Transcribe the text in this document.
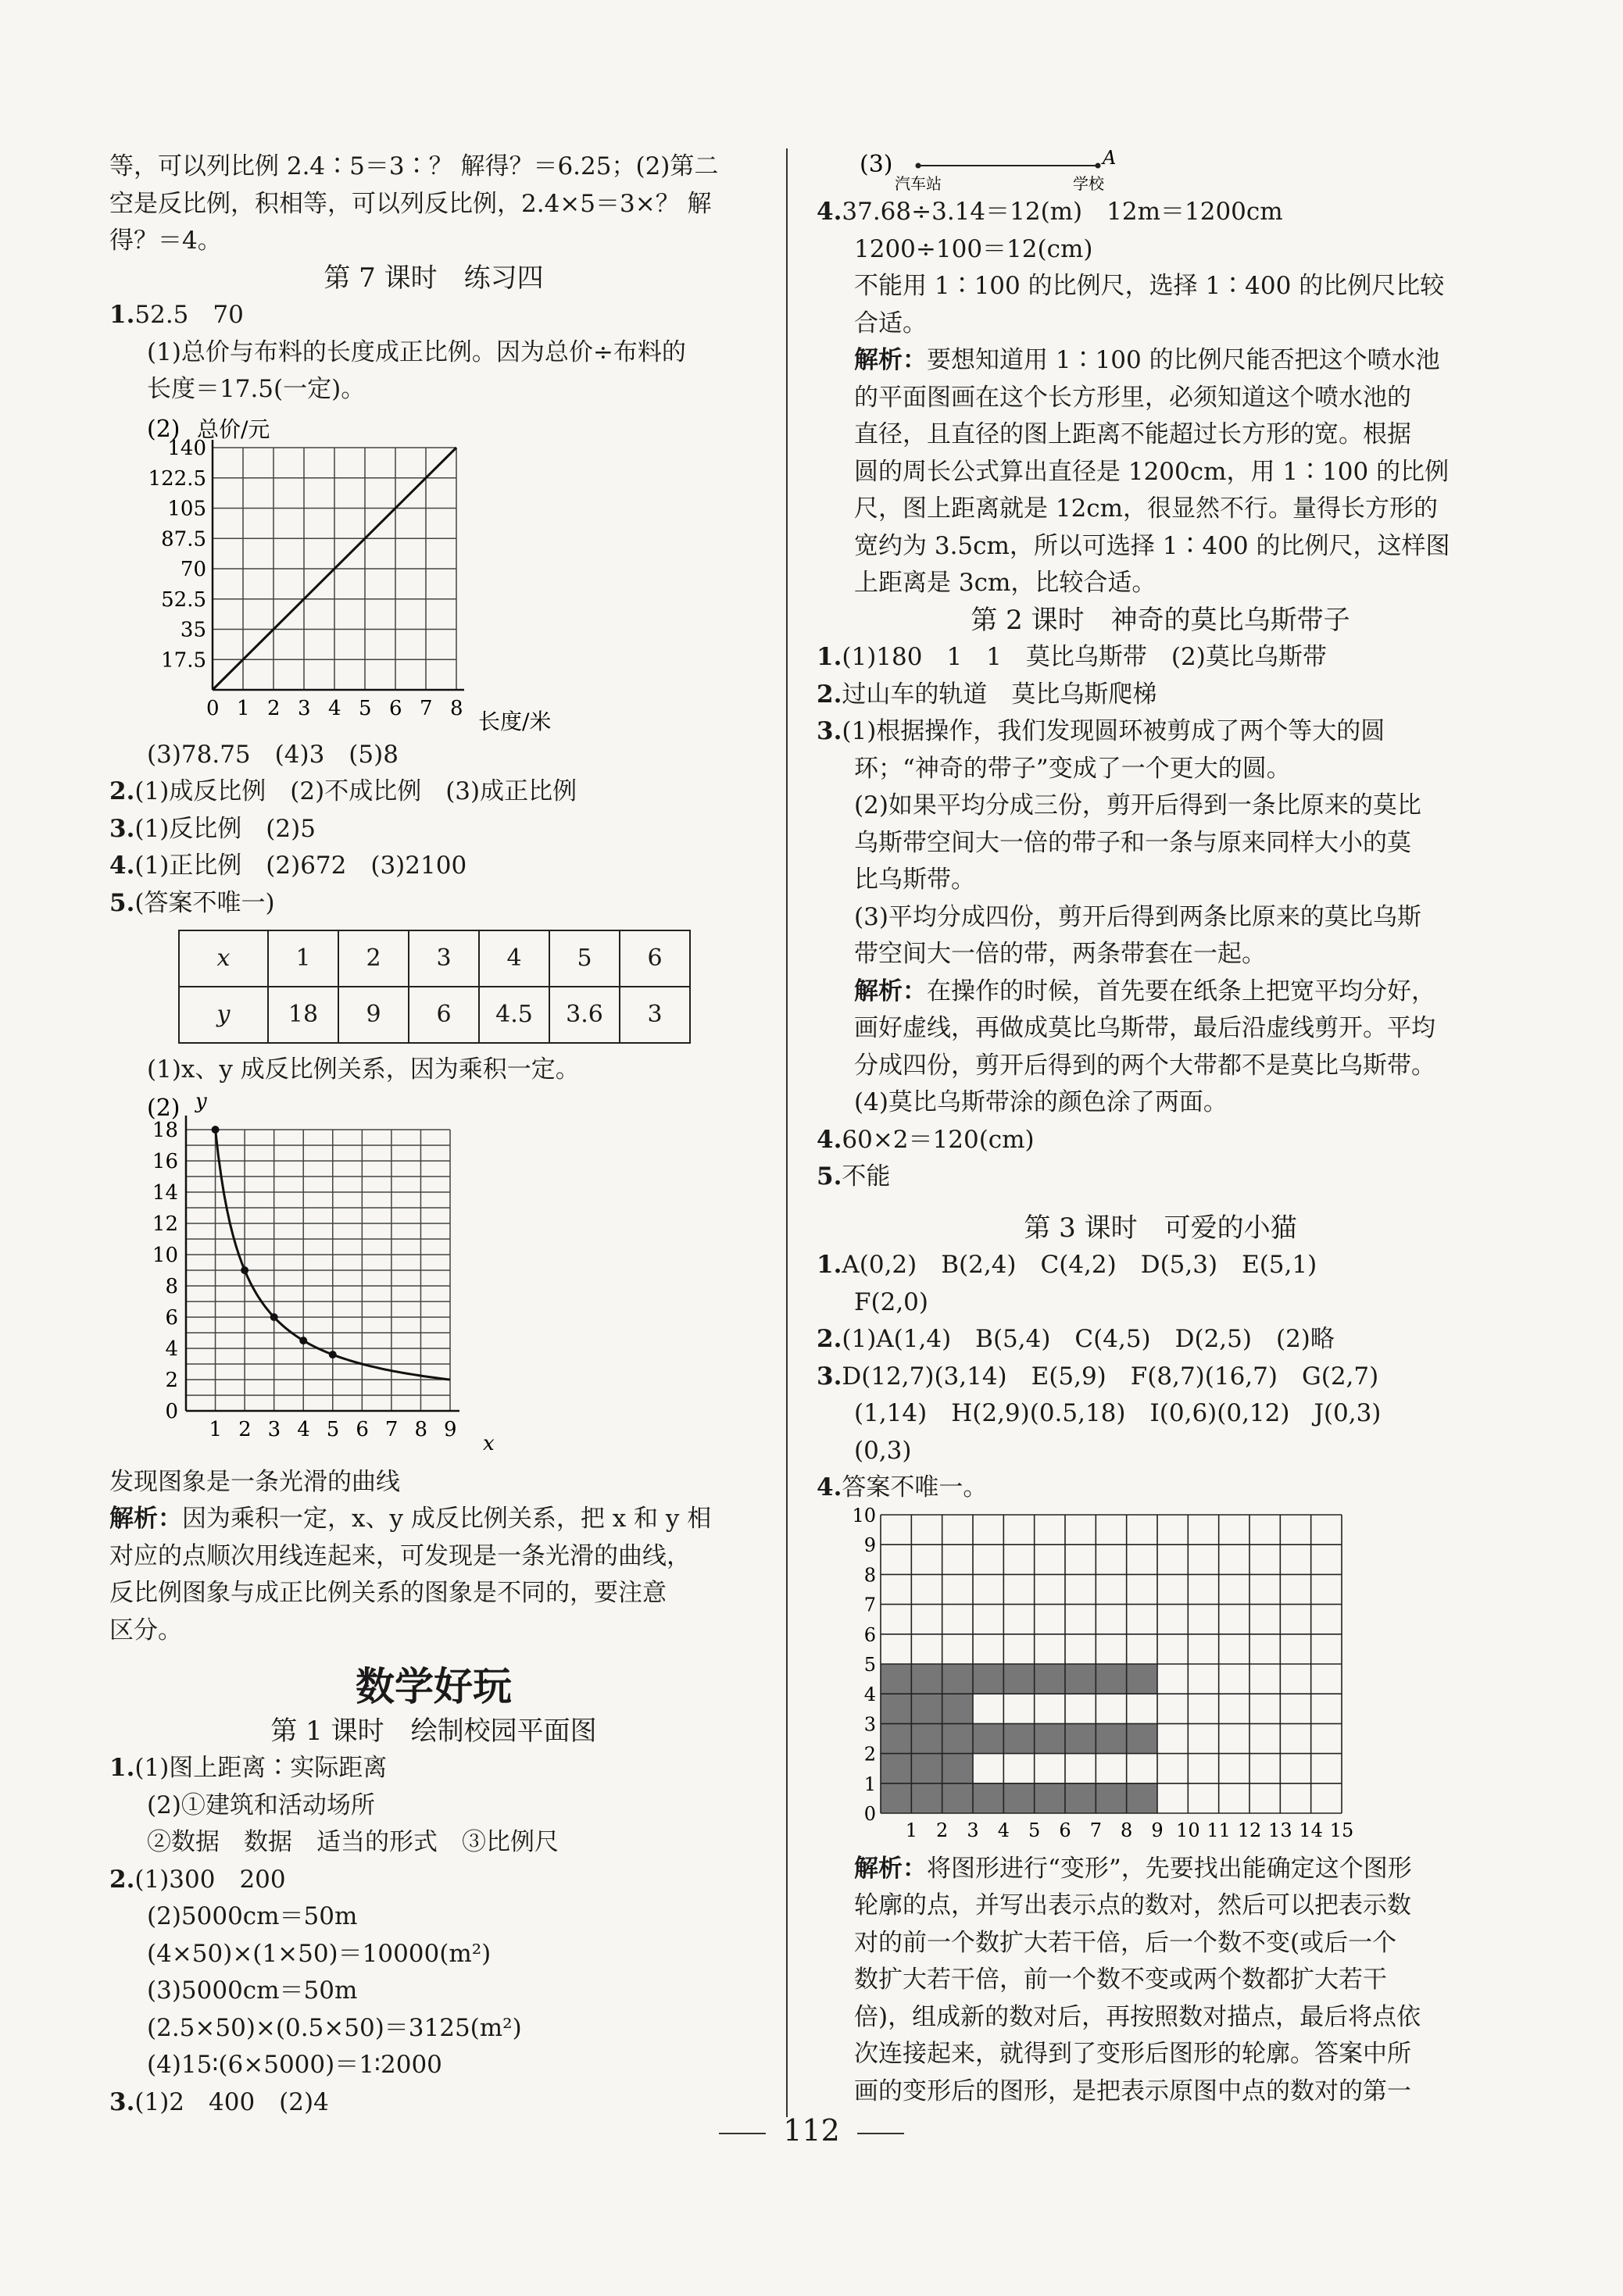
等，可以列比例 2.4∶5＝3∶？ 解得？＝6.25；(2)第二

空是反比例，积相等，可以列反比例，2.4×5＝3×？ 解

得？＝4。

第 7 课时　练习四

1.52.5　70

(1)总价与布料的长度成正比例。因为总价÷布料的

长度＝17.5(一定)。

(2) 总价/元
长度/米
0 1 2 3 4 5 6 7 8
17.5
35
52.5
70
87.5
105
122.5
140

(3)78.75　(4)3　(5)8

2.(1)成反比例　(2)不成比例　(3)成正比例

3.(1)反比例　(2)5

4.(1)正比例　(2)672　(3)2100

5.(答案不唯一)

x	1	2	3	4	5	6
y	18	9	6	4.5	3.6	3

(1)x、y 成反比例关系，因为乘积一定。

(2) y
x
1 2 3 4 5 6 7 8 9
0
2
4
6
8
10
12
14
16
18

发现图象是一条光滑的曲线

解析：因为乘积一定，x、y 成反比例关系，把 x 和 y 相

对应的点顺次用线连起来，可发现是一条光滑的曲线，

反比例图象与成正比例关系的图象是不同的，要注意

区分。

数学好玩

第 1 课时　绘制校园平面图

1.(1)图上距离∶实际距离

(2)①建筑和活动场所

②数据　数据　适当的形式　③比例尺

2.(1)300　200

(2)5000cm＝50m

(4×50)×(1×50)＝10000(m²)

(3)5000cm＝50m

(2.5×50)×(0.5×50)＝3125(m²)

(4)15∶(6×5000)＝1∶2000

3.(1)2　400　(2)4

(3)	A
汽车站	学校

4.37.68÷3.14＝12(m)　12m＝1200cm

1200÷100＝12(cm)

不能用 1∶100 的比例尺，选择 1∶400 的比例尺比较

合适。

解析：要想知道用 1∶100 的比例尺能否把这个喷水池

的平面图画在这个长方形里，必须知道这个喷水池的

直径，且直径的图上距离不能超过长方形的宽。根据

圆的周长公式算出直径是 1200cm，用 1∶100 的比例

尺，图上距离就是 12cm，很显然不行。量得长方形的

宽约为 3.5cm，所以可选择 1∶400 的比例尺，这样图

上距离是 3cm，比较合适。

第 2 课时　神奇的莫比乌斯带子

1.(1)180　1　1　莫比乌斯带　(2)莫比乌斯带

2.过山车的轨道　莫比乌斯爬梯

3.(1)根据操作，我们发现圆环被剪成了两个等大的圆

环；“神奇的带子”变成了一个更大的圆。

(2)如果平均分成三份，剪开后得到一条比原来的莫比

乌斯带空间大一倍的带子和一条与原来同样大小的莫

比乌斯带。

(3)平均分成四份，剪开后得到两条比原来的莫比乌斯

带空间大一倍的带，两条带套在一起。

解析：在操作的时候，首先要在纸条上把宽平均分好，

画好虚线，再做成莫比乌斯带，最后沿虚线剪开。平均

分成四份，剪开后得到的两个大带都不是莫比乌斯带。

(4)莫比乌斯带涂的颜色涂了两面。

4.60×2＝120(cm)

5.不能

第 3 课时　可爱的小猫

1.A(0,2)　B(2,4)　C(4,2)　D(5,3)　E(5,1)

F(2,0)

2.(1)A(1,4)　B(5,4)　C(4,5)　D(2,5)　(2)略

3.D(12,7)(3,14)　E(5,9)　F(8,7)(16,7)　G(2,7)

(1,14)　H(2,9)(0.5,18)　I(0,6)(0,12)　J(0,3)

(0,3)

4.答案不唯一。

1 2 3 4 5 6 7 8 9 10 11 12 13 14 15
0
1
2
3
4
5
6
7
8
9
10

解析：将图形进行“变形”，先要找出能确定这个图形

轮廓的点，并写出表示点的数对，然后可以把表示数

对的前一个数扩大若干倍，后一个数不变(或后一个

数扩大若干倍，前一个数不变或两个数都扩大若干

倍)，组成新的数对后，再按照数对描点，最后将点依

次连接起来，就得到了变形后图形的轮廓。答案中所

画的变形后的图形，是把表示原图中点的数对的第一

112
